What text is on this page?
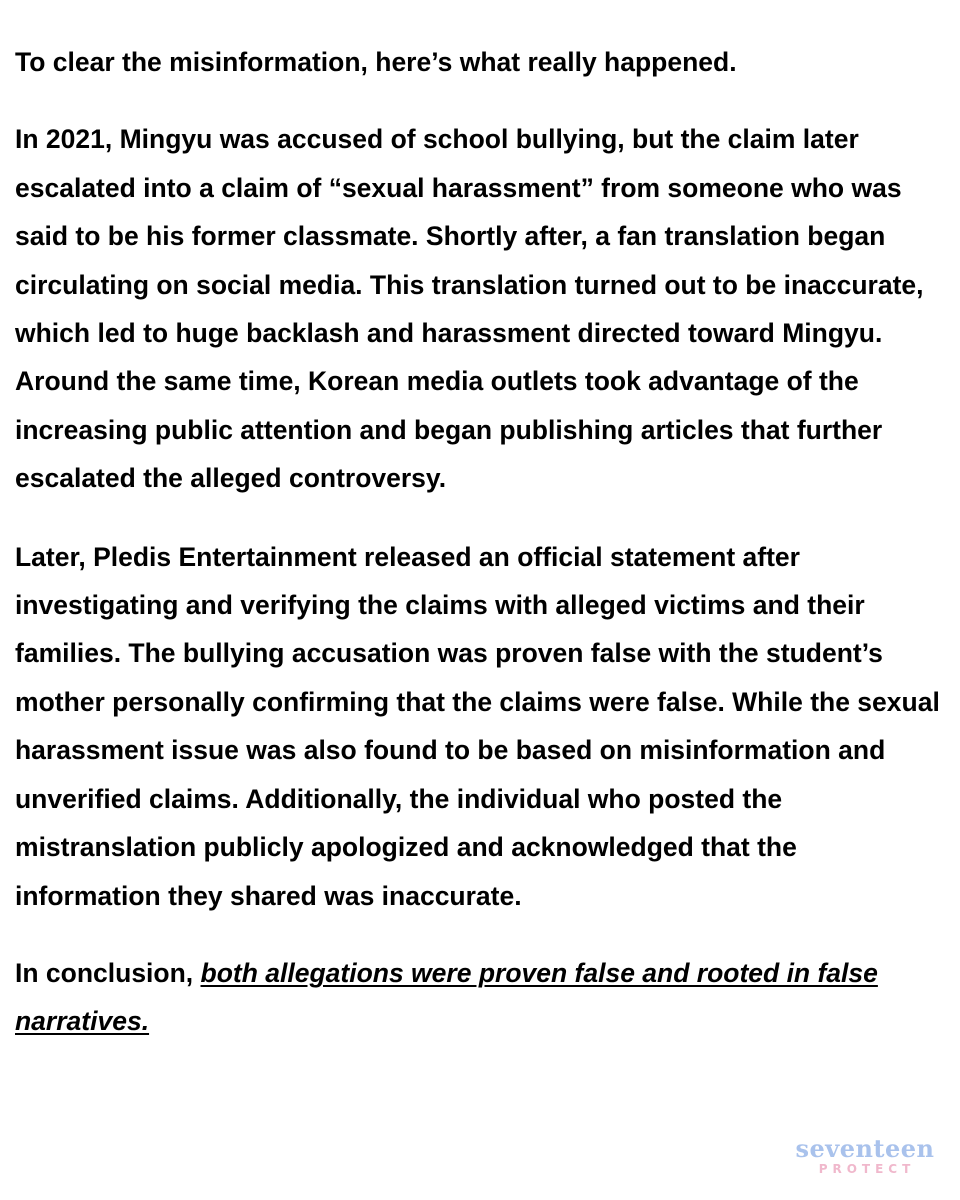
To clear the misinformation, here’s what really happened.

In 2021, Mingyu was accused of school bullying, but the claim later escalated into a claim of “sexual harassment” from someone who was said to be his former classmate. Shortly after, a fan translation began circulating on social media. This translation turned out to be inaccurate, which led to huge backlash and harassment directed toward Mingyu. Around the same time, Korean media outlets took advantage of the increasing public attention and began publishing articles that further escalated the alleged controversy.

Later, Pledis Entertainment released an official statement after investigating and verifying the claims with alleged victims and their families. The bullying accusation was proven false with the student’s mother personally confirming that the claims were false. While the sexual harassment issue was also found to be based on misinformation and unverified claims. Additionally, the individual who posted the mistranslation publicly apologized and acknowledged that the information they shared was inaccurate.

In conclusion, both allegations were proven false and rooted in false narratives.

seventeen
PROTECT
